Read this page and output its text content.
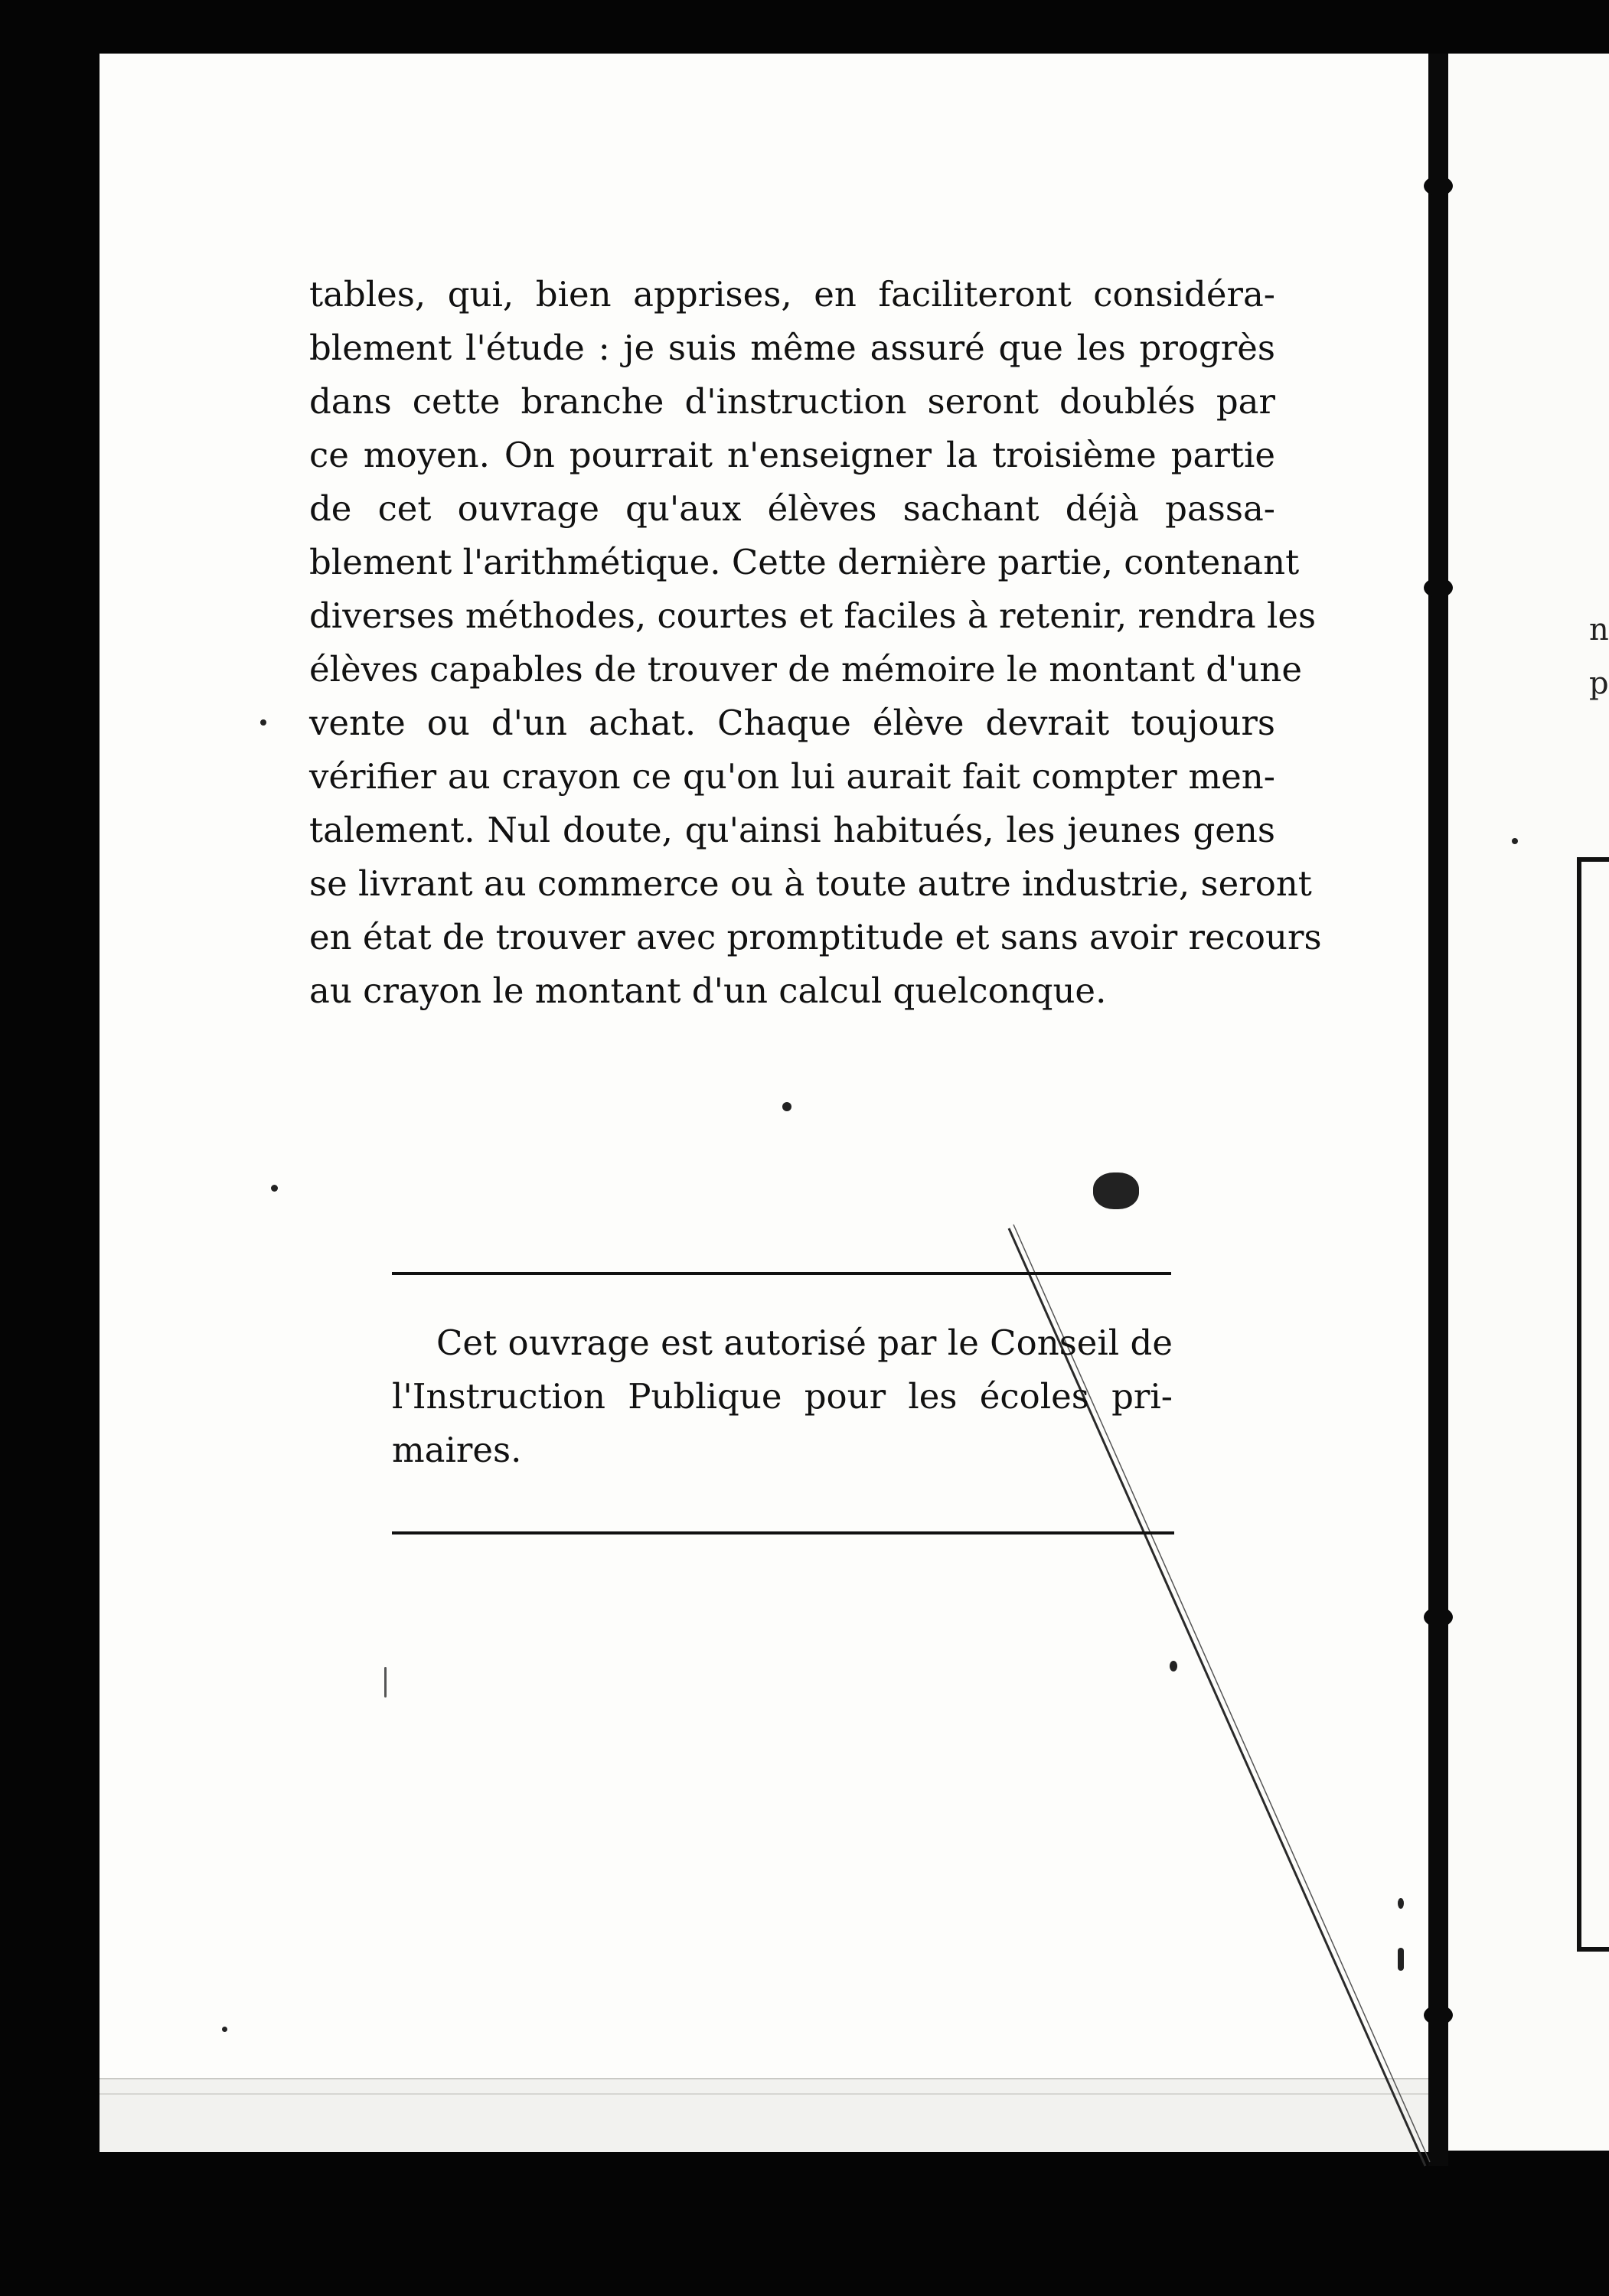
tables, qui, bien apprises, en faciliteront considéra-
blement l'étude : je suis même assuré que les progrès
dans cette branche d'instruction seront doublés par
ce moyen. On pourrait n'enseigner la troisième partie
de cet ouvrage qu'aux élèves sachant déjà passa-
blement l'arithmétique. Cette dernière partie, contenant
diverses méthodes, courtes et faciles à retenir, rendra les
élèves capables de trouver de mémoire le montant d'une
vente ou d'un achat. Chaque élève devrait toujours
vérifier au crayon ce qu'on lui aurait fait compter men-
talement. Nul doute, qu'ainsi habitués, les jeunes gens
se livrant au commerce ou à toute autre industrie, seront
en état de trouver avec promptitude et sans avoir recours
au crayon le montant d'un calcul quelconque.
Cet ouvrage est autorisé par le Conseil de
l'Instruction Publique pour les écoles pri-
maires.
n
p
